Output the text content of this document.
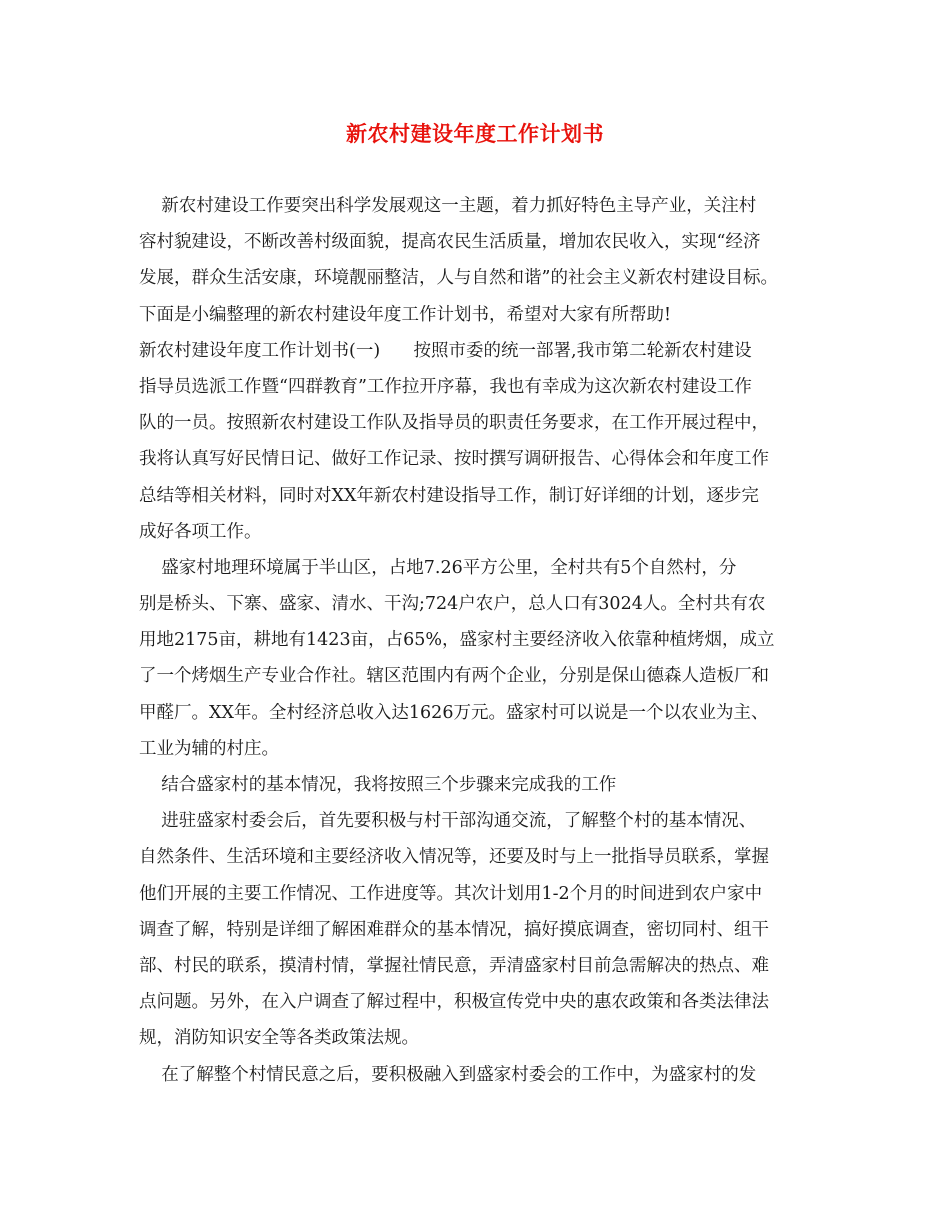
新农村建设年度工作计划书
新农村建设工作要突出科学发展观这一主题，着力抓好特色主导产业，关注村
容村貌建设，不断改善村级面貌，提高农民生活质量，增加农民收入，实现“经济
发展，群众生活安康，环境靓丽整洁，人与自然和谐”的社会主义新农村建设目标。
下面是小编整理的新农村建设年度工作计划书，希望对大家有所帮助!
新农村建设年度工作计划书(一)      按照市委的统一部署,我市第二轮新农村建设
指导员选派工作暨“四群教育”工作拉开序幕，我也有幸成为这次新农村建设工作
队的一员。按照新农村建设工作队及指导员的职责任务要求，在工作开展过程中，
我将认真写好民情日记、做好工作记录、按时撰写调研报告、心得体会和年度工作
总结等相关材料，同时对XX年新农村建设指导工作，制订好详细的计划，逐步完
成好各项工作。
盛家村地理环境属于半山区，占地7.26平方公里，全村共有5个自然村，分
别是桥头、下寨、盛家、清水、干沟;724户农户，总人口有3024人。全村共有农
用地2175亩，耕地有1423亩，占65%，盛家村主要经济收入依靠种植烤烟，成立
了一个烤烟生产专业合作社。辖区范围内有两个企业，分别是保山德森人造板厂和
甲醛厂。XX年。全村经济总收入达1626万元。盛家村可以说是一个以农业为主、
工业为辅的村庄。
结合盛家村的基本情况，我将按照三个步骤来完成我的工作
进驻盛家村委会后，首先要积极与村干部沟通交流，了解整个村的基本情况、
自然条件、生活环境和主要经济收入情况等，还要及时与上一批指导员联系，掌握
他们开展的主要工作情况、工作进度等。其次计划用1-2个月的时间进到农户家中
调查了解，特别是详细了解困难群众的基本情况，搞好摸底调查，密切同村、组干
部、村民的联系，摸清村情，掌握社情民意，弄清盛家村目前急需解决的热点、难
点问题。另外，在入户调查了解过程中，积极宣传党中央的惠农政策和各类法律法
规，消防知识安全等各类政策法规。
在了解整个村情民意之后，要积极融入到盛家村委会的工作中，为盛家村的发
